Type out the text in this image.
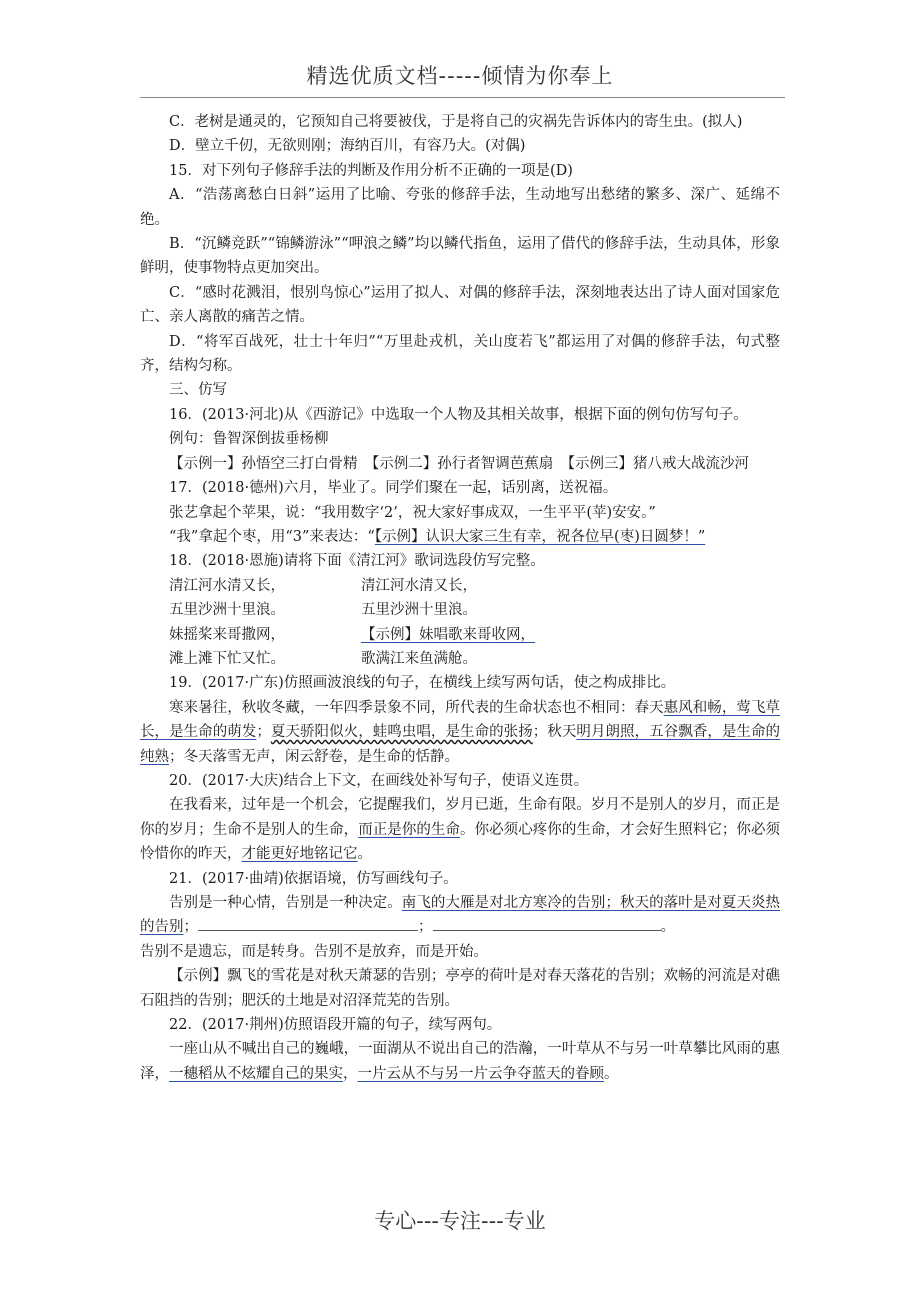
精选优质文档-----倾情为你奉上

C．老树是通灵的，它预知自己将要被伐，于是将自己的灾祸先告诉体内的寄生虫。(拟人)

D．壁立千仞，无欲则刚；海纳百川，有容乃大。(对偶)

15．对下列句子修辞手法的判断及作用分析不正确的一项是(D)

A．“浩荡离愁白日斜”运用了比喻、夸张的修辞手法，生动地写出愁绪的繁多、深广、延绵不绝。

B．“沉鳞竞跃”“锦鳞游泳”“呷浪之鳞”均以鳞代指鱼，运用了借代的修辞手法，生动具体，形象鲜明，使事物特点更加突出。

C．“感时花溅泪，恨别鸟惊心”运用了拟人、对偶的修辞手法，深刻地表达出了诗人面对国家危亡、亲人离散的痛苦之情。

D．“将军百战死，壮士十年归”“万里赴戎机，关山度若飞”都运用了对偶的修辞手法，句式整齐，结构匀称。

三、仿写

16．(2013·河北)从《西游记》中选取一个人物及其相关故事，根据下面的例句仿写句子。

例句：鲁智深倒拔垂杨柳

【示例一】孙悟空三打白骨精　【示例二】孙行者智调芭蕉扇　【示例三】猪八戒大战流沙河

17．(2018·德州)六月，毕业了。同学们聚在一起，话别离，送祝福。

张艺拿起个苹果，说：“我用数字‘2’，祝大家好事成双，一生平平(苹)安安。”

“我”拿起个枣，用“3”来表达：“【示例】认识大家三生有幸，祝各位早(枣)日圆梦！”

18．(2018·恩施)请将下面《清江河》歌词选段仿写完整。

清江河水清又长，	清江河水清又长，
五里沙洲十里浪。	五里沙洲十里浪。
妹摇桨来哥撒网，	【示例】妹唱歌来哥收网，
滩上滩下忙又忙。	歌满江来鱼满舱。

19．(2017·广东)仿照画波浪线的句子，在横线上续写两句话，使之构成排比。

寒来暑往，秋收冬藏，一年四季景象不同，所代表的生命状态也不相同：春天惠风和畅，莺飞草长，是生命的萌发；夏天骄阳似火，蛙鸣虫唱，是生命的张扬；秋天明月朗照，五谷飘香，是生命的纯熟；冬天落雪无声，闲云舒卷，是生命的恬静。

20．(2017·大庆)结合上下文，在画线处补写句子，使语义连贯。

在我看来，过年是一个机会，它提醒我们，岁月已逝，生命有限。岁月不是别人的岁月，而正是你的岁月；生命不是别人的生命，而正是你的生命。你必须心疼你的生命，才会好生照料它；你必须怜惜你的昨天，才能更好地铭记它。

21．(2017·曲靖)依据语境，仿写画线句子。

告别是一种心情，告别是一种决定。南飞的大雁是对北方寒冷的告别；秋天的落叶是对夏天炎热的告别；	；	。

告别不是遗忘，而是转身。告别不是放弃，而是开始。

【示例】飘飞的雪花是对秋天萧瑟的告别；亭亭的荷叶是对春天落花的告别；欢畅的河流是对礁石阻挡的告别；肥沃的土地是对沼泽荒芜的告别。

22．(2017·荆州)仿照语段开篇的句子，续写两句。

一座山从不喊出自己的巍峨，一面湖从不说出自己的浩瀚，一叶草从不与另一叶草攀比风雨的惠泽，一穗稻从不炫耀自己的果实，一片云从不与另一片云争夺蓝天的眷顾。

专心---专注---专业
